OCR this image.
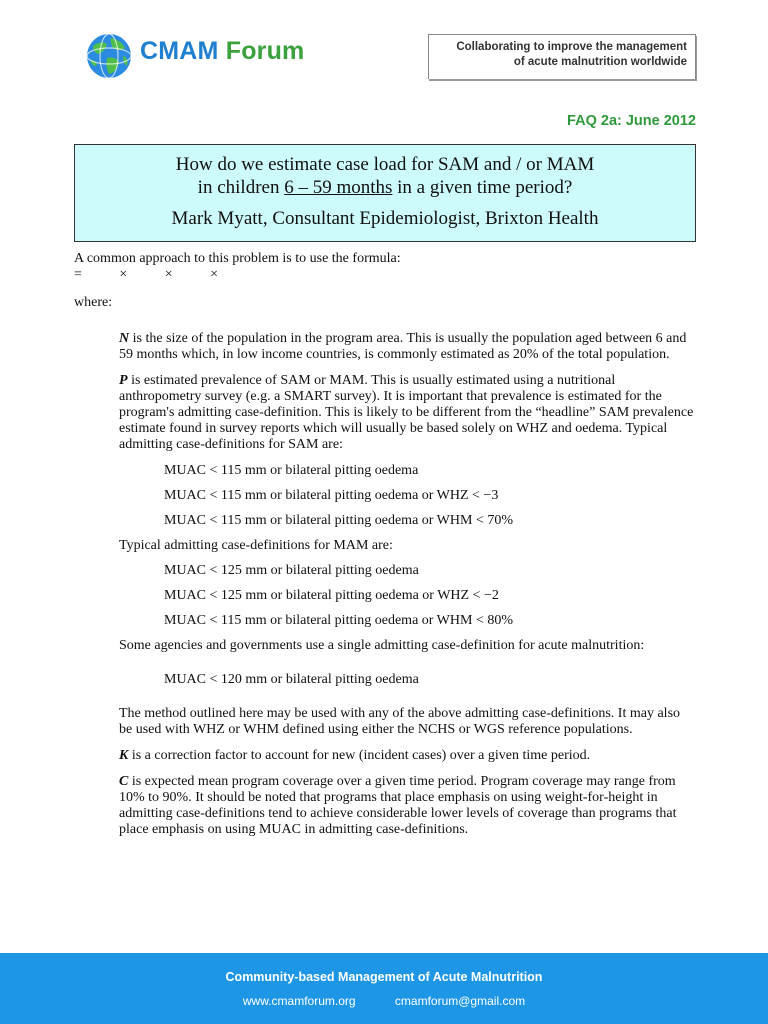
CMAM Forum	Collaborating to improve the management
of acute malnutrition worldwide
FAQ 2a: June 2012
How do we estimate case load for SAM and / or MAM
in children 6 – 59 months in a given time period?
Mark Myatt, Consultant Epidemiologist, Brixton Health

A common approach to this problem is to use the formula:

= × × ×

where:

N is the size of the population in the program area. This is usually the population aged between 6 and 59 months which, in low income countries, is commonly estimated as 20% of the total population.

P is estimated prevalence of SAM or MAM. This is usually estimated using a nutritional anthropometry survey (e.g. a SMART survey). It is important that prevalence is estimated for the program's admitting case-definition. This is likely to be different from the “headline” SAM prevalence estimate found in survey reports which will usually be based solely on WHZ and oedema. Typical admitting case-definitions for SAM are:

MUAC < 115 mm or bilateral pitting oedema

MUAC < 115 mm or bilateral pitting oedema or WHZ < −3

MUAC < 115 mm or bilateral pitting oedema or WHM < 70%

Typical admitting case-definitions for MAM are:

MUAC < 125 mm or bilateral pitting oedema

MUAC < 125 mm or bilateral pitting oedema or WHZ < −2

MUAC < 115 mm or bilateral pitting oedema or WHM < 80%

Some agencies and governments use a single admitting case-definition for acute malnutrition:

MUAC < 120 mm or bilateral pitting oedema

The method outlined here may be used with any of the above admitting case-definitions. It may also be used with WHZ or WHM defined using either the NCHS or WGS reference populations.

K is a correction factor to account for new (incident cases) over a given time period.

C is expected mean program coverage over a given time period. Program coverage may range from 10% to 90%. It should be noted that programs that place emphasis on using weight-for-height in admitting case-definitions tend to achieve considerable lower levels of coverage than programs that place emphasis on using MUAC in admitting case-definitions.

Community-based Management of Acute Malnutrition
www.cmamforum.org	cmamforum@gmail.com
